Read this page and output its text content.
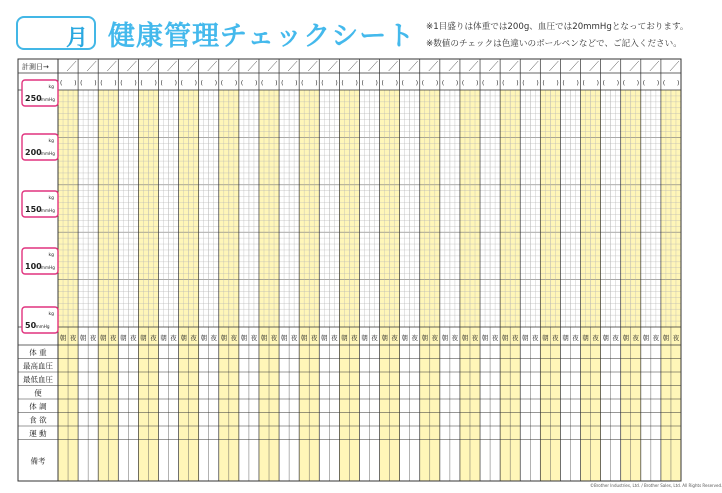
月 健康管理チェックシート ※1目盛りは体重では200g、血圧では20mmHgとなっております。
※数値のチェックは色違いのボールペンなどで、ご記入ください。
( )
朝 夜
( )
朝 夜
( )
朝 夜
( )
朝 夜
( )
朝 夜
( )
朝 夜
( )
朝 夜
( )
朝 夜
( )
朝 夜
( )
朝 夜
( )
朝 夜
( )
朝 夜
( )
朝 夜
( )
朝 夜
( )
朝 夜
( )
朝 夜
( )
朝 夜
( )
朝 夜
( )
朝 夜
( )
朝 夜
( )
朝 夜
( )
朝 夜
( )
朝 夜
( )
朝 夜
( )
朝 夜
( )
朝 夜
( )
朝 夜
( )
朝 夜
( )
朝 夜
( )
朝 夜
( )
朝 夜
計測日→
kg
250 mmHg
kg
200 mmHg
kg
150 mmHg
kg
100 mmHg
kg
50 mmHg
体 重
最高血圧
最低血圧
便
体 調
食 欲
運 動
備考
©Brother Industries, Ltd. / Brother Sales, Ltd. All Rights Reserved.
